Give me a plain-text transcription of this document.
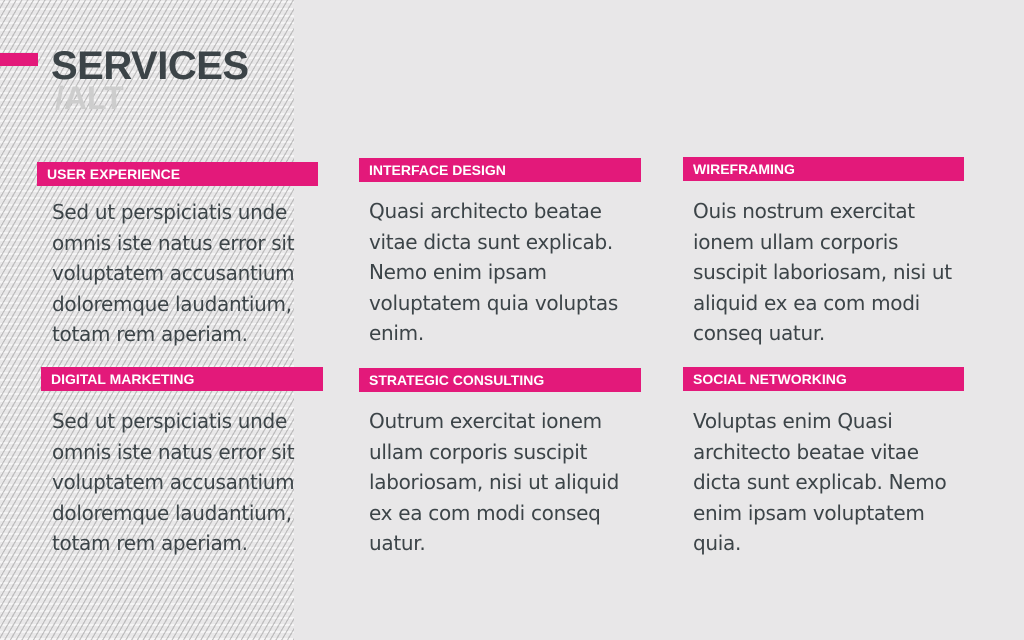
SERVICES
/ALT
USER EXPERIENCE

Sed ut perspiciatis unde omnis iste natus error sit voluptatem accusantium doloremque laudantium, totam rem aperiam.

INTERFACE DESIGN

Quasi architecto beatae vitae dicta sunt explicab. Nemo enim ipsam voluptatem quia voluptas enim.

WIREFRAMING

Ouis nostrum exercitat ionem ullam corporis suscipit laboriosam, nisi ut aliquid ex ea com modi conseq uatur.

DIGITAL MARKETING

Sed ut perspiciatis unde omnis iste natus error sit voluptatem accusantium doloremque laudantium, totam rem aperiam.

STRATEGIC CONSULTING

Outrum exercitat ionem ullam corporis suscipit laboriosam, nisi ut aliquid ex ea com modi conseq uatur.

SOCIAL NETWORKING

Voluptas enim Quasi architecto beatae vitae dicta sunt explicab. Nemo enim ipsam voluptatem quia.
